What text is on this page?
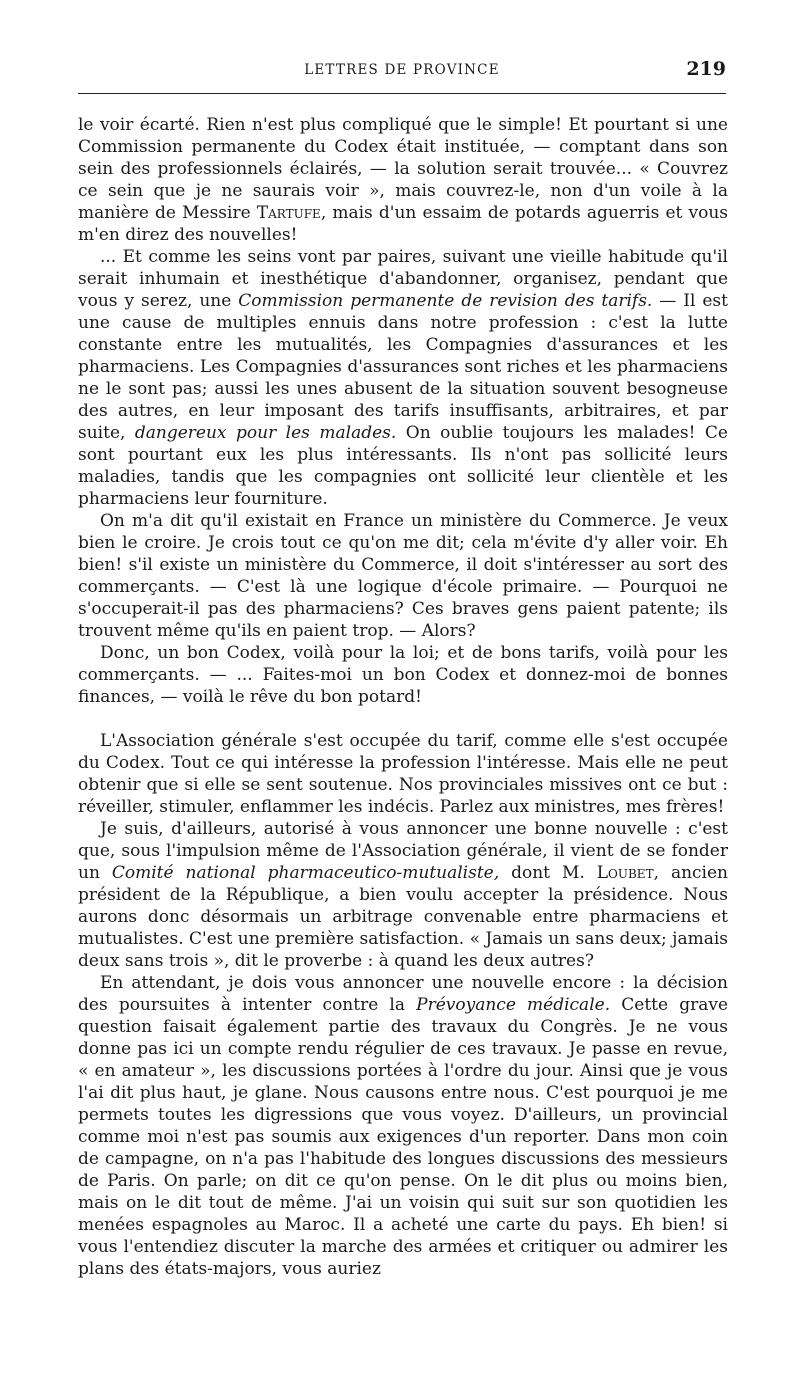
LETTRES DE PROVINCE	219

le voir écarté. Rien n'est plus compliqué que le simple! Et pourtant si une Commission permanente du Codex était instituée, — comptant dans son sein des professionnels éclairés, — la solution serait trouvée... « Couvrez ce sein que je ne saurais voir », mais couvrez-le, non d'un voile à la manière de Messire Tartufe, mais d'un essaim de potards aguerris et vous m'en direz des nouvelles!

... Et comme les seins vont par paires, suivant une vieille habitude qu'il serait inhumain et inesthétique d'abandonner, organisez, pendant que vous y serez, une Commission permanente de revision des tarifs. — Il est une cause de multiples ennuis dans notre profession : c'est la lutte constante entre les mutualités, les Compagnies d'assurances et les pharmaciens. Les Compagnies d'assurances sont riches et les pharmaciens ne le sont pas; aussi les unes abusent de la situation souvent besogneuse des autres, en leur imposant des tarifs insuffisants, arbitraires, et par suite, dangereux pour les malades. On oublie toujours les malades! Ce sont pourtant eux les plus intéressants. Ils n'ont pas sollicité leurs maladies, tandis que les compagnies ont sollicité leur clientèle et les pharmaciens leur fourniture.

On m'a dit qu'il existait en France un ministère du Commerce. Je veux bien le croire. Je crois tout ce qu'on me dit; cela m'évite d'y aller voir. Eh bien! s'il existe un ministère du Commerce, il doit s'intéresser au sort des commerçants. — C'est là une logique d'école primaire. — Pourquoi ne s'occuperait-il pas des pharmaciens? Ces braves gens paient patente; ils trouvent même qu'ils en paient trop. — Alors?

Donc, un bon Codex, voilà pour la loi; et de bons tarifs, voilà pour les commerçants. — ... Faites-moi un bon Codex et donnez-moi de bonnes finances, — voilà le rêve du bon potard!

L'Association générale s'est occupée du tarif, comme elle s'est occupée du Codex. Tout ce qui intéresse la profession l'intéresse. Mais elle ne peut obtenir que si elle se sent soutenue. Nos provinciales missives ont ce but : réveiller, stimuler, enflammer les indécis. Parlez aux ministres, mes frères!

Je suis, d'ailleurs, autorisé à vous annoncer une bonne nouvelle : c'est que, sous l'impulsion même de l'Association générale, il vient de se fonder un Comité national pharmaceutico-mutualiste, dont M. Loubet, ancien président de la République, a bien voulu accepter la présidence. Nous aurons donc désormais un arbitrage convenable entre pharmaciens et mutualistes. C'est une première satisfaction. « Jamais un sans deux; jamais deux sans trois », dit le proverbe : à quand les deux autres?

En attendant, je dois vous annoncer une nouvelle encore : la décision des poursuites à intenter contre la Prévoyance médicale. Cette grave question faisait également partie des travaux du Congrès. Je ne vous donne pas ici un compte rendu régulier de ces travaux. Je passe en revue, « en amateur », les discussions portées à l'ordre du jour. Ainsi que je vous l'ai dit plus haut, je glane. Nous causons entre nous. C'est pourquoi je me permets toutes les digressions que vous voyez. D'ailleurs, un provincial comme moi n'est pas soumis aux exigences d'un reporter. Dans mon coin de campagne, on n'a pas l'habitude des longues discussions des messieurs de Paris. On parle; on dit ce qu'on pense. On le dit plus ou moins bien, mais on le dit tout de même. J'ai un voisin qui suit sur son quotidien les menées espagnoles au Maroc. Il a acheté une carte du pays. Eh bien! si vous l'entendiez discuter la marche des armées et critiquer ou admirer les plans des états-majors, vous auriez
